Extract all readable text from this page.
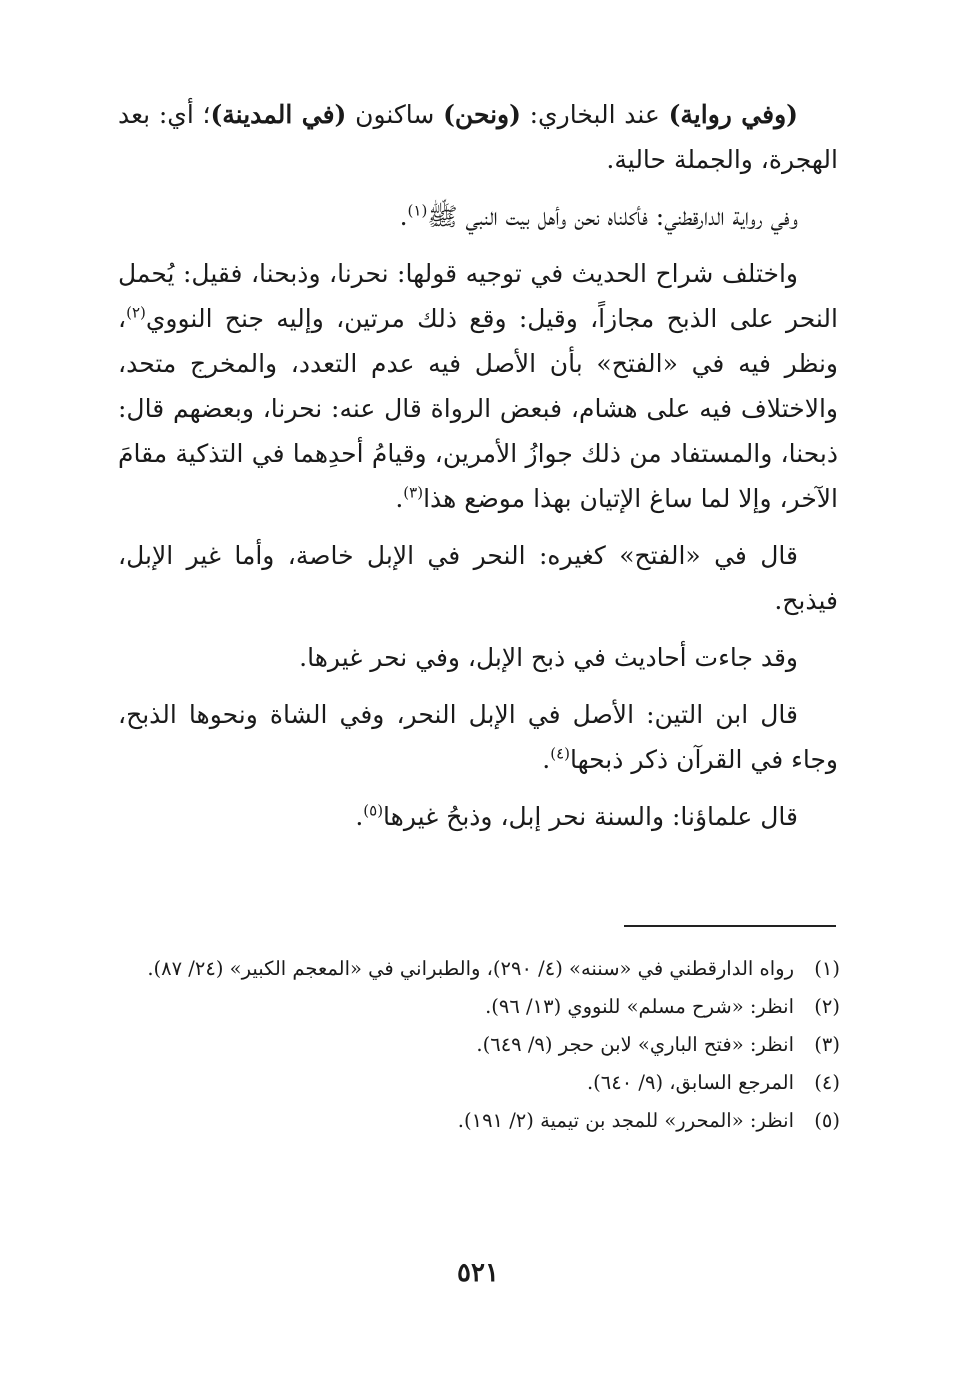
(وفي رواية) عند البخاري: (ونحن) ساكنون (في المدينة)؛ أي: بعد الهجرة، والجملة حالية.

وفي رواية الدارقطني: فأكلناه نحن وأهل بيت النبي ﷺ$^{(١)}$.

واختلف شراح الحديث في توجيه قولها: نحرنا، وذبحنا، فقيل: يُحمل النحر على الذبح مجازاً، وقيل: وقع ذلك مرتين، وإليه جنح النووي$^{(٢)}$، ونظر فيه في «الفتح» بأن الأصل فيه عدم التعدد، والمخرج متحد، والاختلاف فيه على هشام، فبعض الرواة قال عنه: نحرنا، وبعضهم قال: ذبحنا، والمستفاد من ذلك جوازُ الأمرين، وقيامُ أحدِهما في التذكية مقامَ الآخر، وإلا لما ساغ الإتيان بهذا موضع هذا$^{(٣)}$.

قال في «الفتح» كغيره: النحر في الإبل خاصة، وأما غير الإبل، فيذبح.

وقد جاءت أحاديث في ذبح الإبل، وفي نحر غيرها.

قال ابن التين: الأصل في الإبل النحر، وفي الشاة ونحوها الذبح، وجاء في القرآن ذكر ذبحها$^{(٤)}$.

قال علماؤنا: والسنة نحر إبل، وذبحُ غيرها$^{(٥)}$.

(١)
رواه الدارقطني في «سننه» (٤/ ٢٩٠)، والطبراني في «المعجم الكبير» (٢٤/ ٨٧).
(٢)
انظر: «شرح مسلم» للنووي (١٣/ ٩٦).
(٣)
انظر: «فتح الباري» لابن حجر (٩/ ٦٤٩).
(٤)
المرجع السابق، (٩/ ٦٤٠).
(٥)
انظر: «المحرر» للمجد بن تيمية (٢/ ١٩١).
٥٢١
